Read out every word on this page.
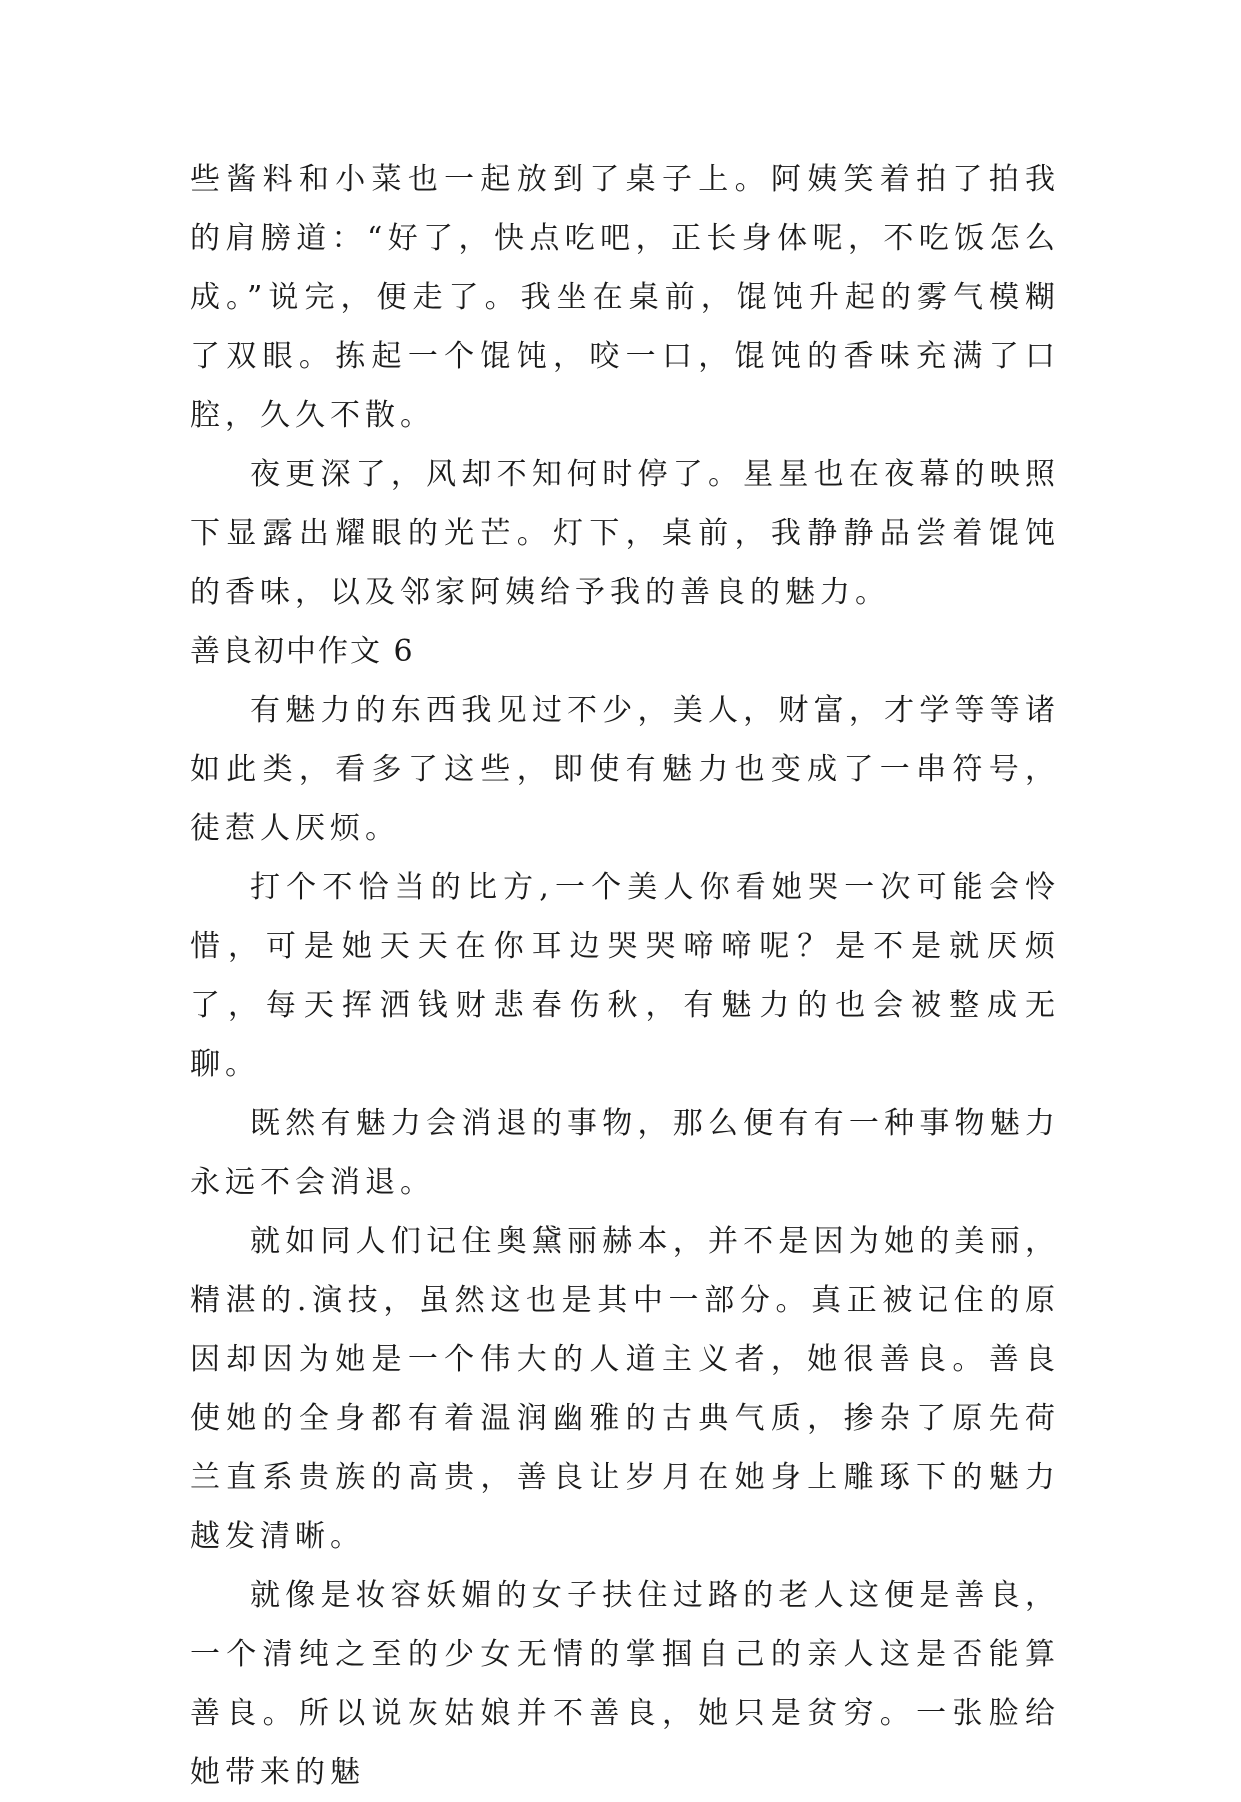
些酱料和小菜也一起放到了桌子上。阿姨笑着拍了拍我的肩膀道：“好了，快点吃吧，正长身体呢，不吃饭怎么成。”说完，便走了。我坐在桌前，馄饨升起的雾气模糊了双眼。拣起一个馄饨，咬一口，馄饨的香味充满了口腔，久久不散。

夜更深了，风却不知何时停了。星星也在夜幕的映照下显露出耀眼的光芒。灯下，桌前，我静静品尝着馄饨的香味，以及邻家阿姨给予我的善良的魅力。

善良初中作文 6

有魅力的东西我见过不少，美人，财富，才学等等诸如此类，看多了这些，即使有魅力也变成了一串符号，徒惹人厌烦。

打个不恰当的比方,一个美人你看她哭一次可能会怜惜，可是她天天在你耳边哭哭啼啼呢？是不是就厌烦了，每天挥洒钱财悲春伤秋，有魅力的也会被整成无聊。

既然有魅力会消退的事物，那么便有有一种事物魅力永远不会消退。

就如同人们记住奥黛丽赫本，并不是因为她的美丽，精湛的.演技，虽然这也是其中一部分。真正被记住的原因却因为她是一个伟大的人道主义者，她很善良。善良使她的全身都有着温润幽雅的古典气质，掺杂了原先荷兰直系贵族的高贵，善良让岁月在她身上雕琢下的魅力越发清晰。

就像是妆容妖媚的女子扶住过路的老人这便是善良，一个清纯之至的少女无情的掌掴自己的亲人这是否能算善良。所以说灰姑娘并不善良，她只是贫穷。一张脸给她带来的魅
